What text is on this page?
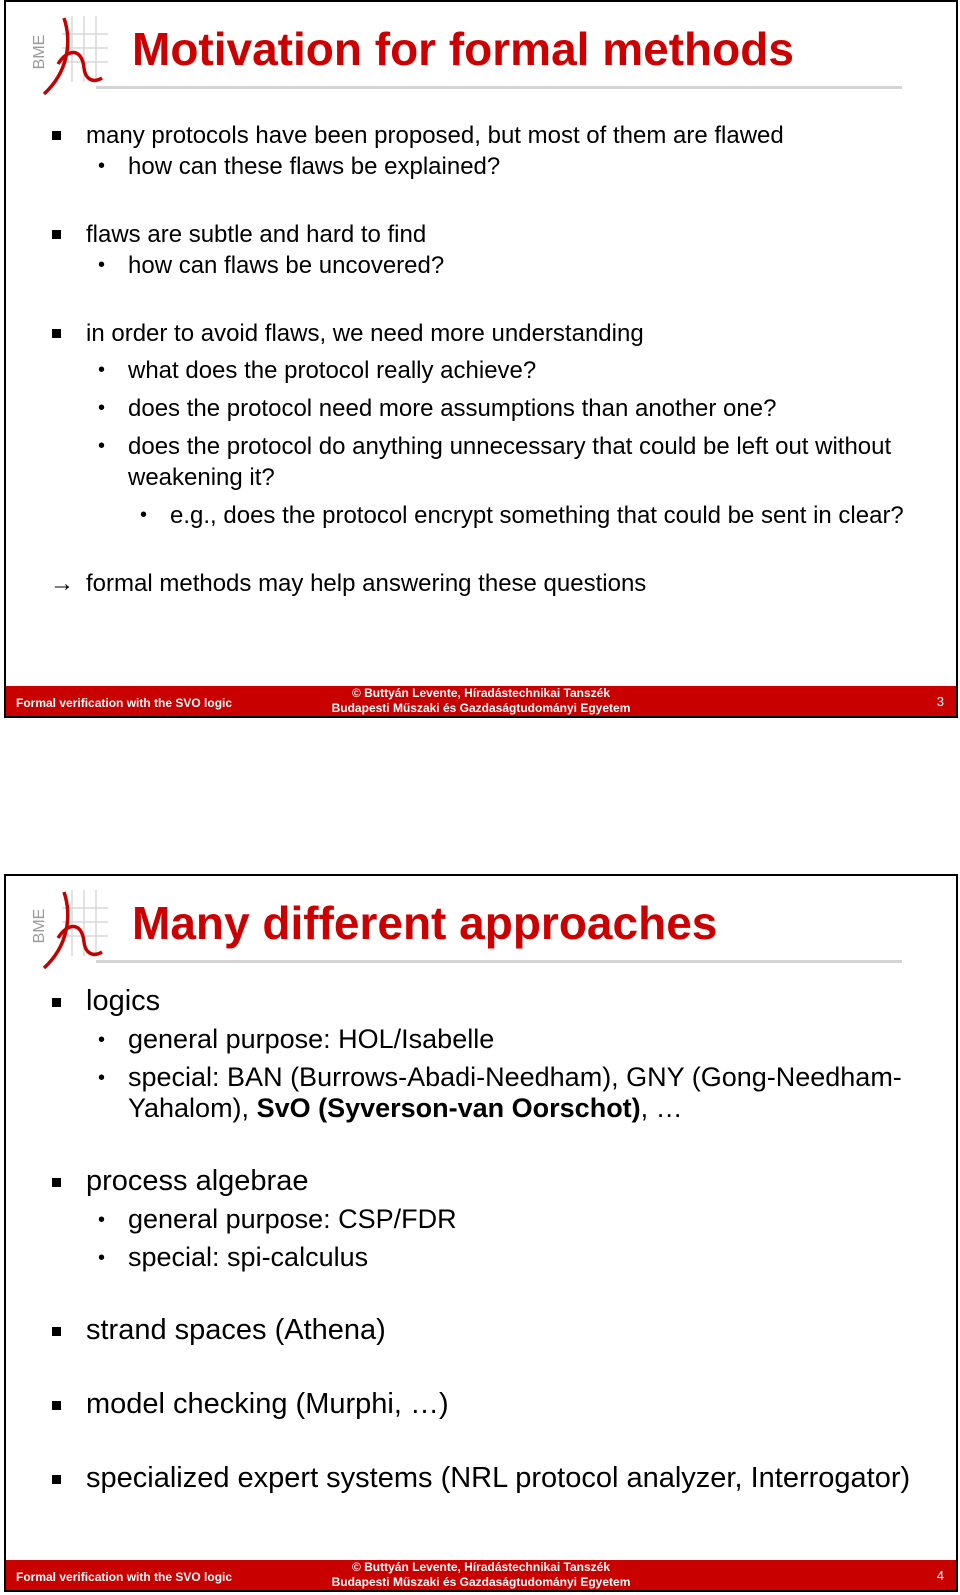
BME Motivation for formal methods
many protocols have been proposed, but most of them are flawed
• how can these flaws be explained?
flaws are subtle and hard to find
• how can flaws be uncovered?
in order to avoid flaws, we need more understanding
• what does the protocol really achieve?
• does the protocol need more assumptions than another one?
• does the protocol do anything unnecessary that could be left out without weakening it?
• e.g., does the protocol encrypt something that could be sent in clear?
→ formal methods may help answering these questions
Formal verification with the SVO logic
© Buttyán Levente, Híradástechnikai Tanszék
Budapesti Műszaki és Gazdaságtudományi Egyetem	3
BME Many different approaches
logics
• general purpose: HOL/Isabelle
• special: BAN (Burrows-Abadi-Needham), GNY (Gong-Needham-Yahalom), SvO (Syverson-van Oorschot), …
process algebrae
• general purpose: CSP/FDR
• special: spi-calculus
strand spaces (Athena)
model checking (Murphi, …)
specialized expert systems (NRL protocol analyzer, Interrogator)
Formal verification with the SVO logic
© Buttyán Levente, Híradástechnikai Tanszék
Budapesti Műszaki és Gazdaságtudományi Egyetem	4
